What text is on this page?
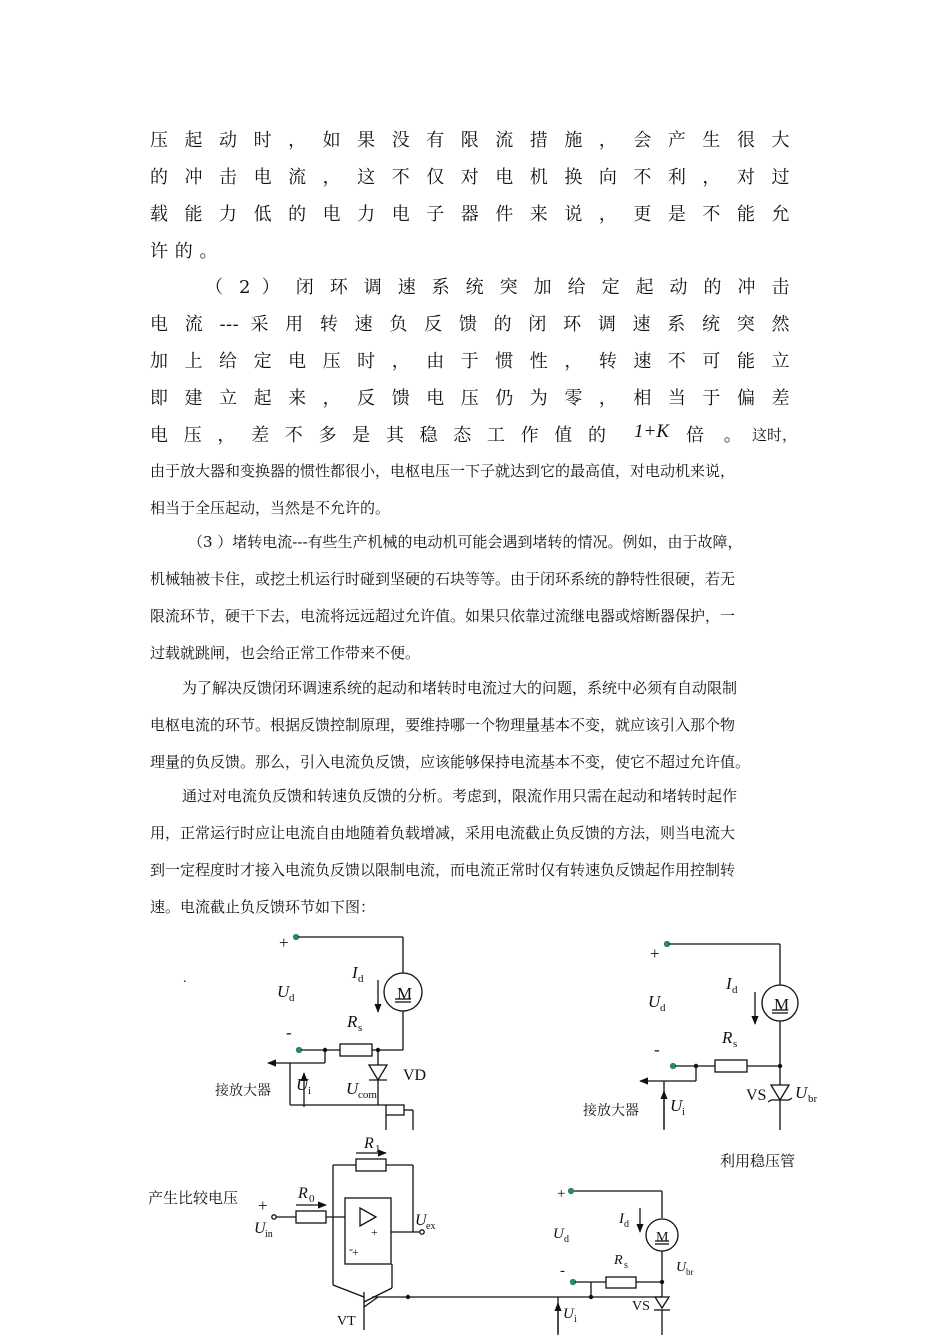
压 起 动 时 ， 如 果 没 有 限 流 措 施 ， 会 产 生 很 大
的 冲 击 电 流 ， 这 不 仅 对 电 机 换 向 不 利 ， 对 过
载 能 力 低 的 电 力 电 子 器 件 来 说 ， 更 是 不 能 允
许 的 。
（ 2 ） 闭 环 调 速 系 统 突 加 给 定 起 动 的 冲 击
电 流 --- 采 用 转 速 负 反 馈 的 闭 环 调 速 系 统 突 然
加 上 给 定 电 压 时 ， 由 于 惯 性 ， 转 速 不 可 能 立
即 建 立 起 来 ， 反 馈 电 压 仍 为 零 ， 相 当 于 偏 差
电 压 ， 差 不 多 是 其 稳 态 工 作 值 的 1+K 倍 。 这时，
由于放大器和变换器的惯性都很小，电枢电压一下子就达到它的最高值，对电动机来说，
相当于全压起动，当然是不允许的。
（3 ）堵转电流---有些生产机械的电动机可能会遇到堵转的情况。例如，由于故障，
机械轴被卡住，或挖土机运行时碰到坚硬的石块等等。由于闭环系统的静特性很硬，若无
限流环节，硬干下去，电流将远远超过允许值。如果只依靠过流继电器或熔断器保护，一
过载就跳闸，也会给正常工作带来不便。
为了解决反馈闭环调速系统的起动和堵转时电流过大的问题，系统中必须有自动限制
电枢电流的环节。根据反馈控制原理，要维持哪一个物理量基本不变，就应该引入那个物
理量的负反馈。那么，引入电流负反馈，应该能够保持电流基本不变，使它不超过允许值。
通过对电流负反馈和转速负反馈的分析。考虑到，限流作用只需在起动和堵转时起作
用，正常运行时应让电流自由地随着负载增减，采用电流截止负反馈的方法，则当电流大
到一定程度时才接入电流负反馈以限制电流，而电流正常时仅有转速负反馈起作用控制转
速。电流截止负反馈环节如下图：
.
M
+
-
U d
I d
R s
VD
U com
U i
接放大器
M
+
-
U d
I d
R s
VS U br
U i
接放大器
利用稳压管
产生比较电压 +
R 0
U in
R 1
U ex
-
+
+
VT
+
-
U d
I d
R s
M
U br
VS
U i
